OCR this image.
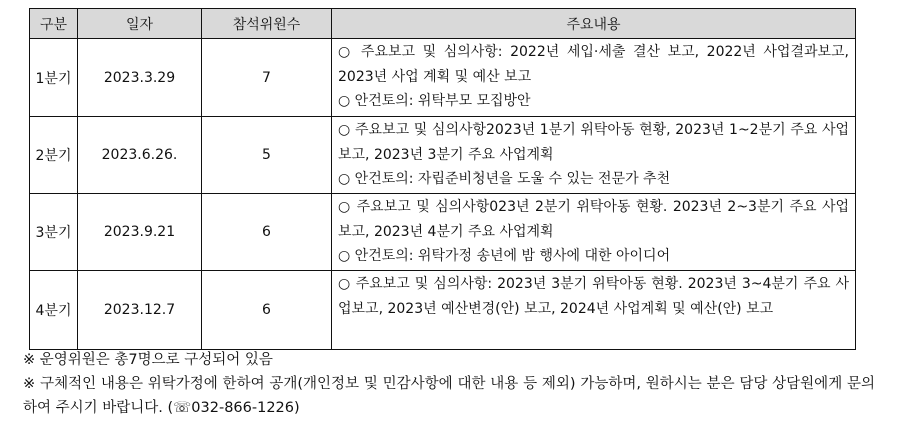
구분	일자	참석위원수	주요내용
1분기	2023.3.29	7	○ 주요보고 및 심의사항: 2022년 세입·세출 결산 보고, 2022년 사업결과보고, 2023년 사업 계획 및 예산 보고
○ 안건토의: 위탁부모 모집방안

2분기	2023.6.26.	5	○ 주요보고 및 심의사항2023년 1분기 위탁아동 현황, 2023년 1~2분기 주요 사업보고, 2023년 3분기 주요 사업계획
○ 안건토의: 자립준비청년을 도울 수 있는 전문가 추천

3분기	2023.9.21	6	○ 주요보고 및 심의사항023년 2분기 위탁아동 현황. 2023년 2~3분기 주요 사업보고, 2023년 4분기 주요 사업계획
○ 안건토의: 위탁가정 송년에 밤 행사에 대한 아이디어

4분기	2023.12.7	6	○ 주요보고 및 심의사항: 2023년 3분기 위탁아동 현황. 2023년 3~4분기 주요 사업보고, 2023년 예산변경(안) 보고, 2024년 사업계획 및 예산(안) 보고
※ 운영위원은 총7명으로 구성되어 있음
※ 구체적인 내용은 위탁가정에 한하여 공개(개인정보 및 민감사항에 대한 내용 등 제외) 가능하며, 원하시는 분은 담당 상담원에게 문의하여 주시기 바랍니다. (☏032-866-1226)
